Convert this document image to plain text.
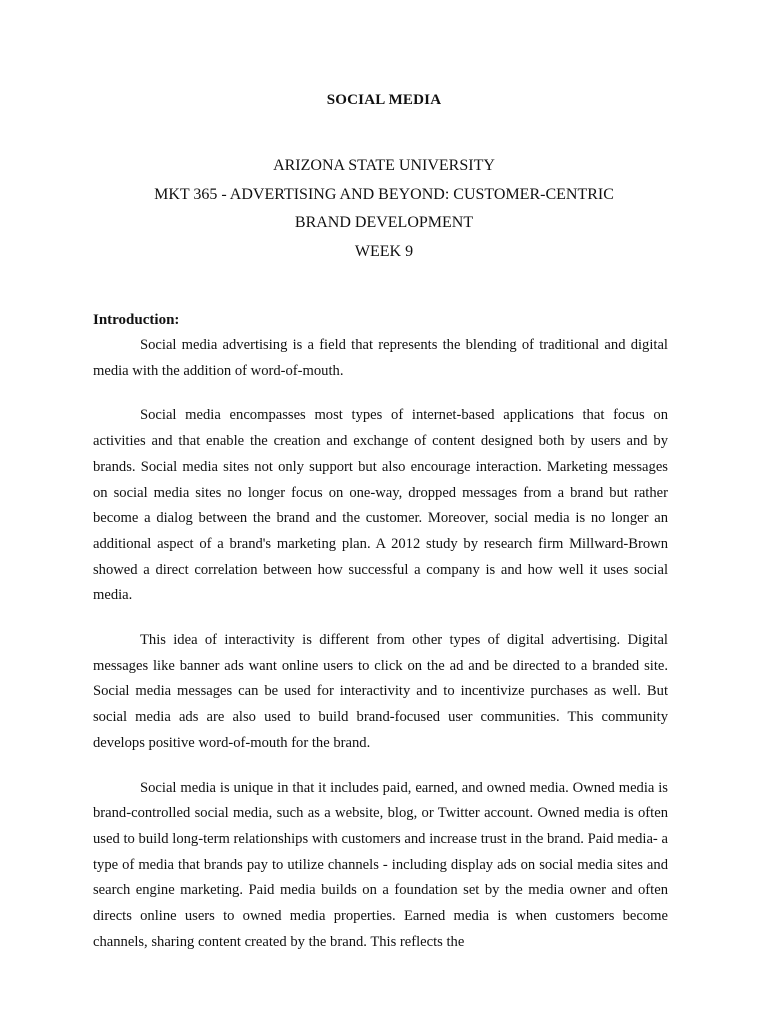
SOCIAL MEDIA
ARIZONA STATE UNIVERSITY
MKT 365 - ADVERTISING AND BEYOND: CUSTOMER-CENTRIC
BRAND DEVELOPMENT
WEEK 9
Introduction:

Social media advertising is a field that represents the blending of traditional and digital media with the addition of word-of-mouth.

Social media encompasses most types of internet-based applications that focus on activities and that enable the creation and exchange of content designed both by users and by brands. Social media sites not only support but also encourage interaction. Marketing messages on social media sites no longer focus on one-way, dropped messages from a brand but rather become a dialog between the brand and the customer. Moreover, social media is no longer an additional aspect of a brand's marketing plan. A 2012 study by research firm Millward-Brown showed a direct correlation between how successful a company is and how well it uses social media.

This idea of interactivity is different from other types of digital advertising. Digital messages like banner ads want online users to click on the ad and be directed to a branded site. Social media messages can be used for interactivity and to incentivize purchases as well. But social media ads are also used to build brand-focused user communities. This community develops positive word-of-mouth for the brand.

Social media is unique in that it includes paid, earned, and owned media. Owned media is brand-controlled social media, such as a website, blog, or Twitter account. Owned media is often used to build long-term relationships with customers and increase trust in the brand. Paid media- a type of media that brands pay to utilize channels - including display ads on social media sites and search engine marketing. Paid media builds on a foundation set by the media owner and often directs online users to owned media properties. Earned media is when customers become channels, sharing content created by the brand. This reflects the
